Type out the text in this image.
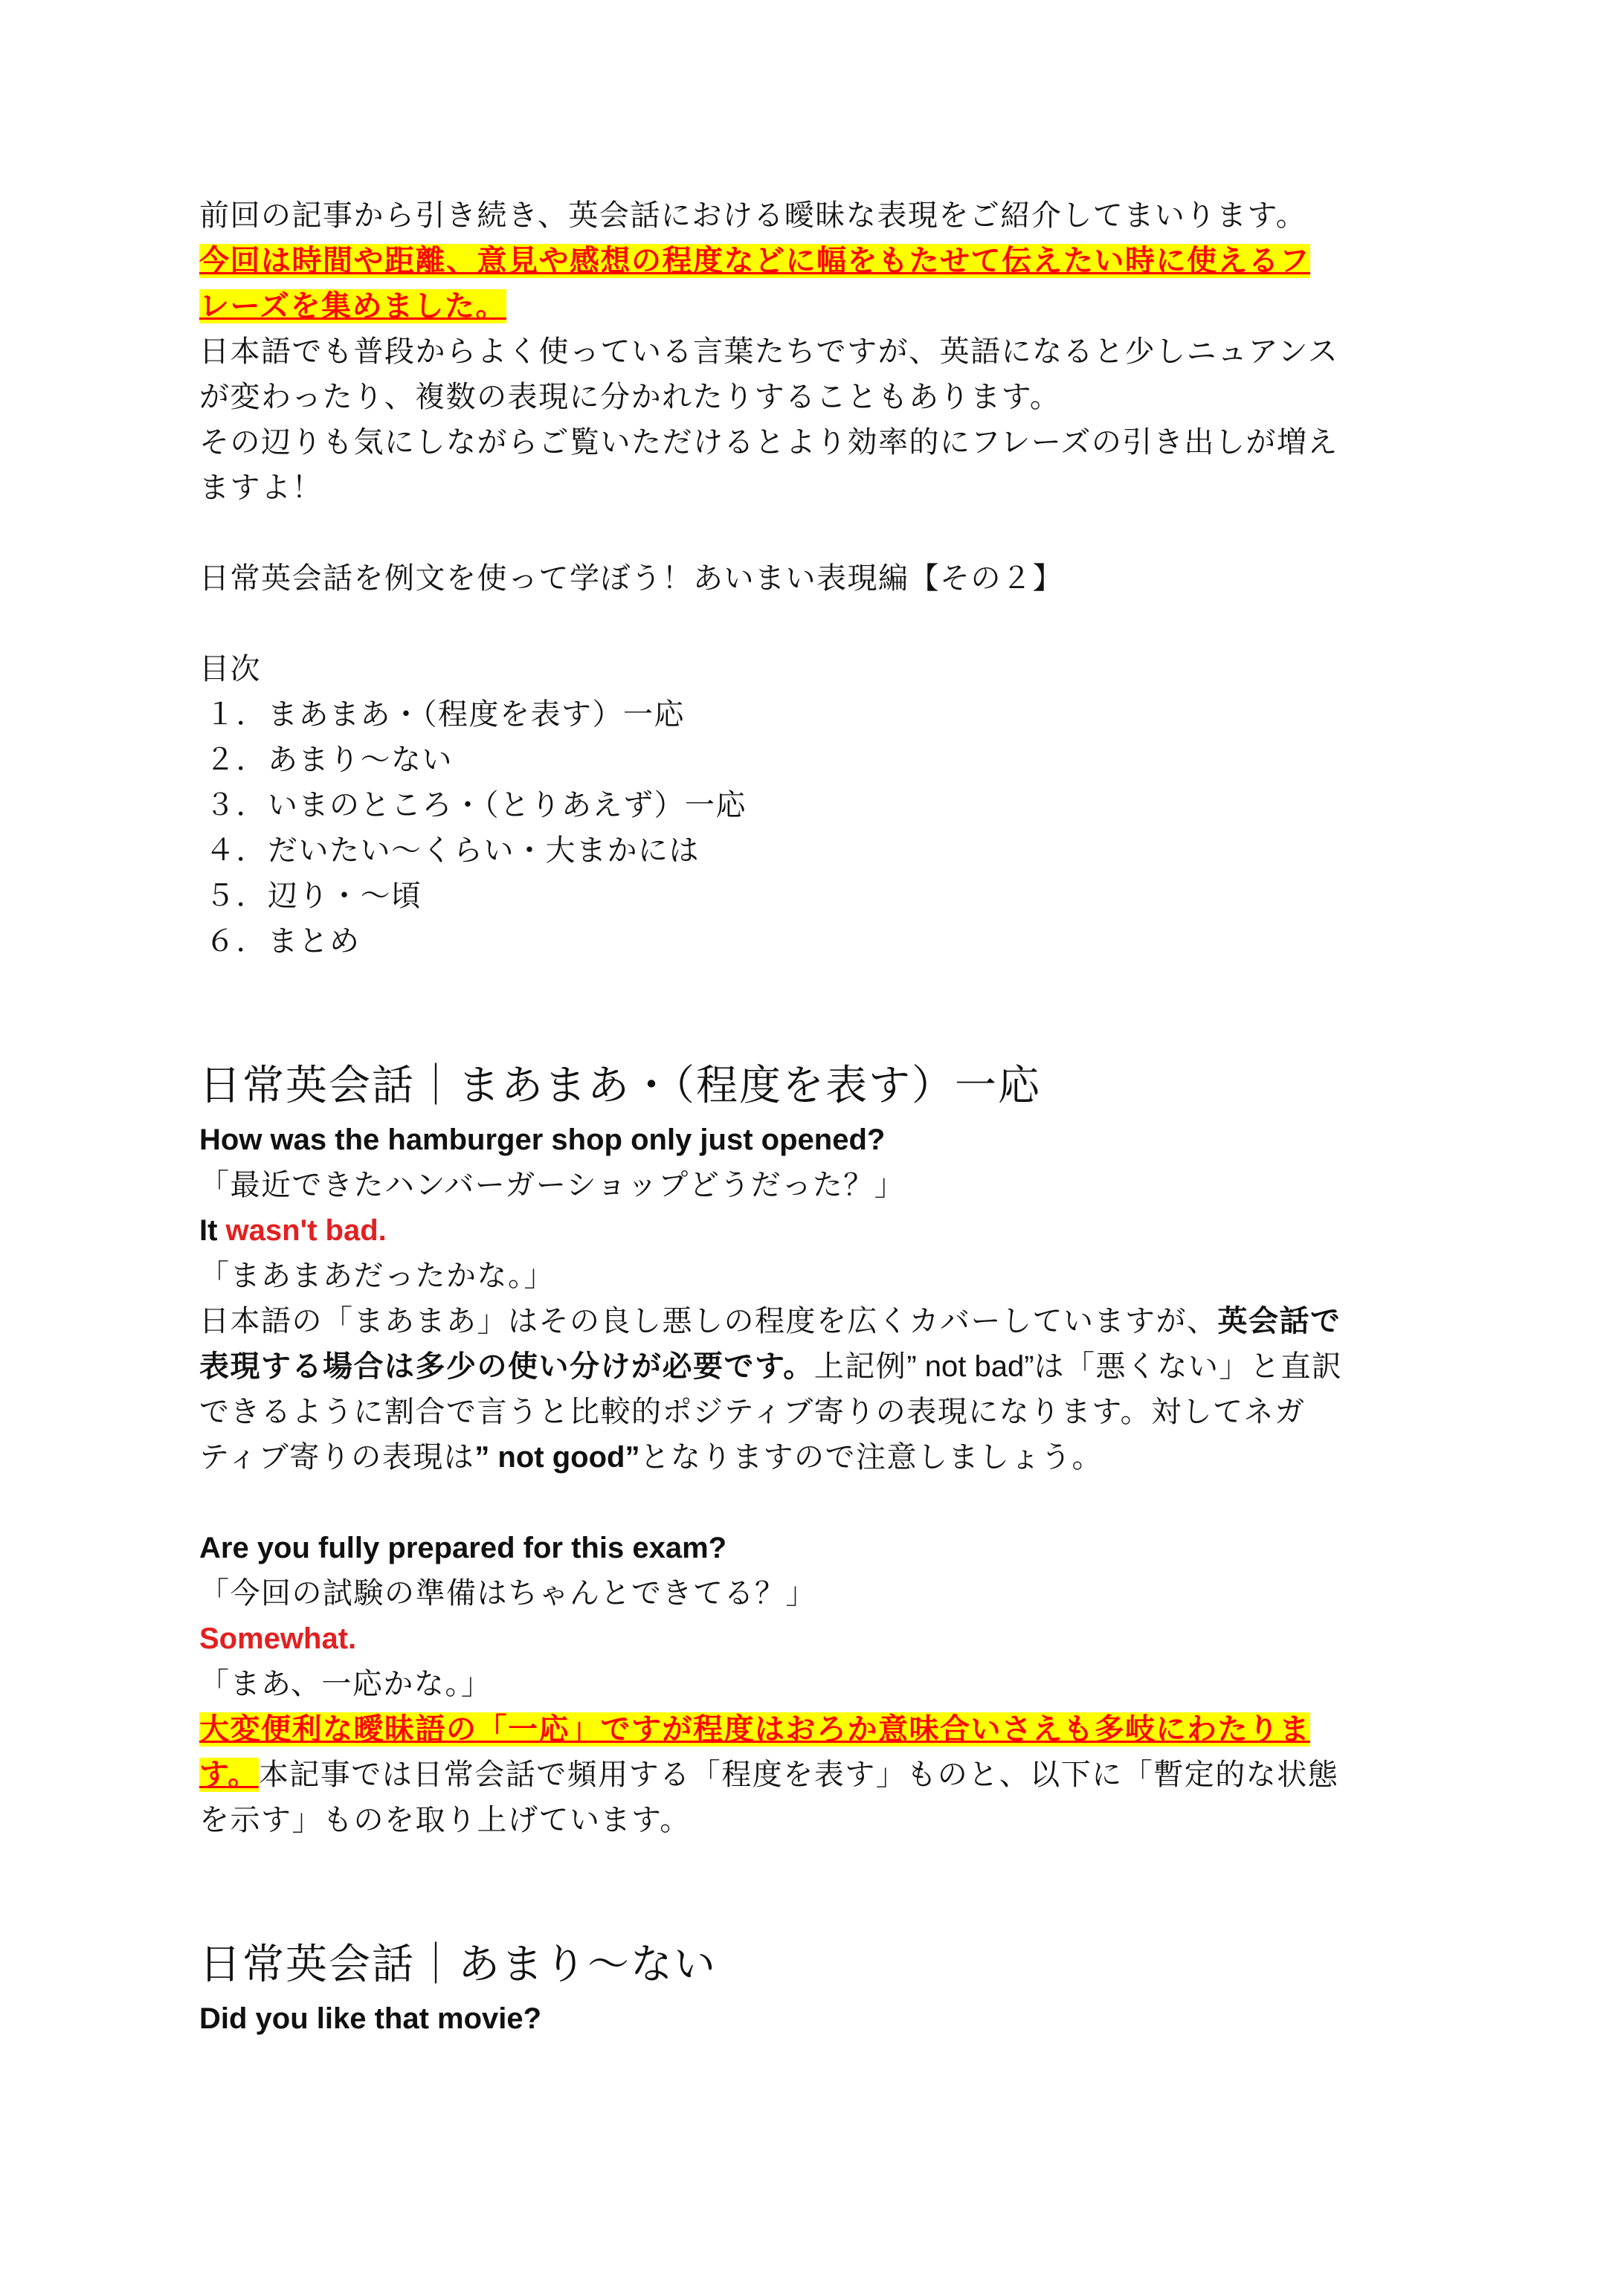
前回の記事から引き続き、英会話における曖昧な表現をご紹介してまいります。
今回は時間や距離、意見や感想の程度などに幅をもたせて伝えたい時に使えるフ
レーズを集めました。
日本語でも普段からよく使っている言葉たちですが、英語になると少しニュアンス
が変わったり、複数の表現に分かれたりすることもあります。
その辺りも気にしながらご覧いただけるとより効率的にフレーズの引き出しが増え
ますよ！
日常英会話を例文を使って学ぼう！あいまい表現編【その２】
目次
１．まあまあ・（程度を表す）一応
２．あまり～ない
３．いまのところ・（とりあえず）一応
４．だいたい～くらい・大まかには
５．辺り・～頃
６．まとめ
日常英会話｜まあまあ・（程度を表す）一応
How was the hamburger shop only just opened?
「最近できたハンバーガーショップどうだった？」
It wasn't bad.
「まあまあだったかな。」
日本語の「まあまあ」はその良し悪しの程度を広くカバーしていますが、英会話で
表現する場合は多少の使い分けが必要です。上記例” not bad”は「悪くない」と直訳
できるように割合で言うと比較的ポジティブ寄りの表現になります。対してネガ
ティブ寄りの表現は” not good”となりますので注意しましょう。
Are you fully prepared for this exam?
「今回の試験の準備はちゃんとできてる？」
Somewhat.
「まあ、一応かな。」
大変便利な曖昧語の「一応」ですが程度はおろか意味合いさえも多岐にわたりま
す。本記事では日常会話で頻用する「程度を表す」ものと、以下に「暫定的な状態
を示す」ものを取り上げています。
日常英会話｜あまり～ない
Did you like that movie?
